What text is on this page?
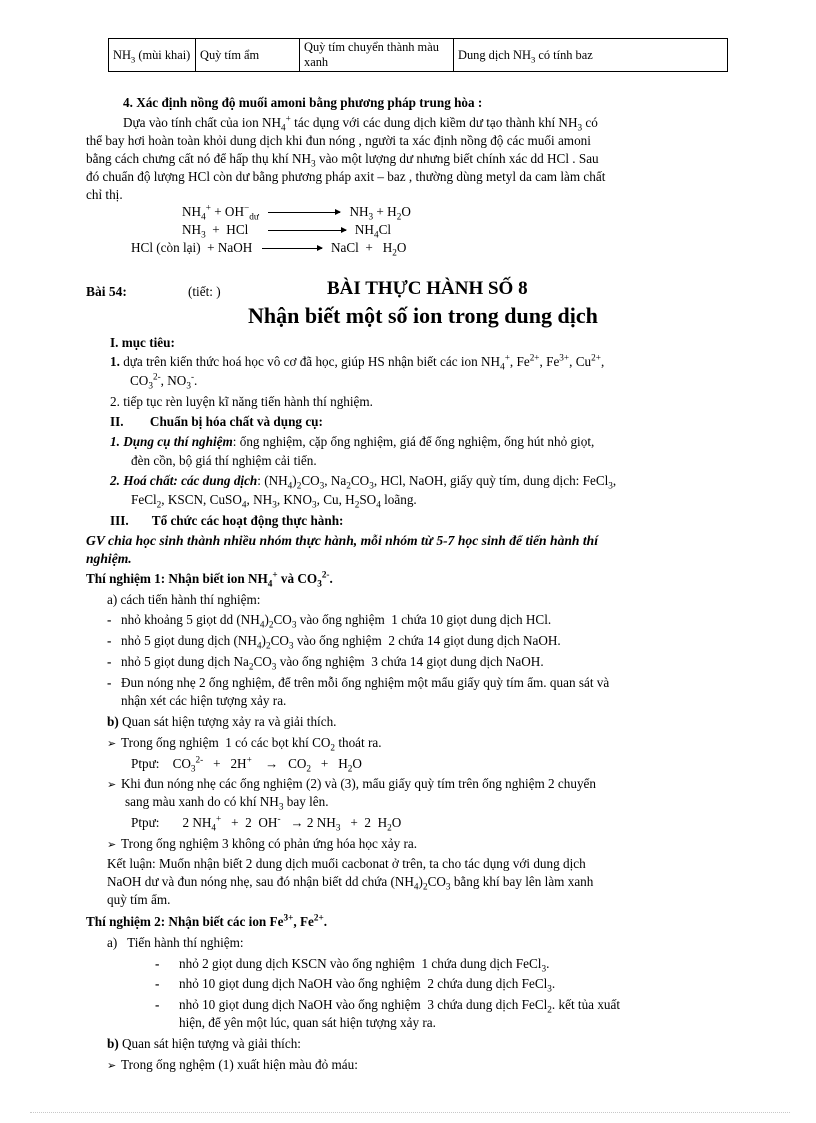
$NH_3$ (mùi khai)	Quỳ tím ẩm	Quỳ tím chuyển thành màu xanh	Dung dịch $NH_3$ có tính baz
4. Xác định nồng độ muối amoni bằng phương pháp trung hòa :
Dựa vào tính chất của ion $NH_4^+$ tác dụng với các dung dịch kiềm dư tạo thành khí $NH_3$ có
thể bay hơi hoàn toàn khỏi dung dịch khi đun nóng , người ta xác định nồng độ các muối amoni
bằng cách chưng cất nó để hấp thụ khí $NH_3$ vào một lượng dư nhưng biết chính xác dd HCl . Sau
đó chuẩn độ lượng HCl còn dư bằng phương pháp axit – baz , thường dùng metyl da cam làm chất
chỉ thị.
$NH_4^+ + OH^-_{dư}$	$NH_3 + H_2O$
$NH_3$  +  HCl	$NH_4Cl$
HCl (còn lại)  + NaOH	NaCl  +   $H_2O$
Bài 54:	(tiết: )	BÀI THỰC HÀNH SỐ 8
Nhận biết một số ion trong dung dịch
I. mục tiêu:
1. dựa trên kiến thức hoá học vô cơ đã học, giúp HS nhận biết các ion $NH_4^+$, $Fe^{2+}$, $Fe^{3+}$, $Cu^{2+}$,
$CO_3^{2-}$, $NO_3^-$.
2. tiếp tục rèn luyện kĩ năng tiến hành thí nghiệm.
II.        Chuẩn bị hóa chất và dụng cụ:
1. Dụng cụ thí nghiệm: ống nghiệm, cặp ống nghiệm, giá để ống nghiệm, ống hút nhỏ giọt,
đèn cồn, bộ giá thí nghiệm cải tiến.
2. Hoá chất: các dung dịch: $(NH_4)_2CO_3$, $Na_2CO_3$, HCl, NaOH, giấy quỳ tím, dung dịch: FeCl$_3$,
FeCl$_2$, KSCN, CuSO$_4$, $NH_3$, $KNO_3$, Cu, $H_2SO_4$ loãng.
III.       Tổ chức các hoạt động thực hành:
GV chia học sinh thành nhiều nhóm thực hành, mỗi nhóm từ 5-7 học sinh để tiến hành thí
nghiệm.
Thí nghiệm 1: Nhận biết ion $NH_4^+$ và $CO_3^{2-}$.
a) cách tiến hành thí nghiệm:
- nhỏ khoảng 5 giọt dd $(NH_4)_2CO_3$ vào ống nghiệm  1 chứa 10 giọt dung dịch HCl.
- nhỏ 5 giọt dung dịch $(NH_4)_2CO_3$ vào ống nghiệm  2 chứa 14 giọt dung dịch NaOH.
- nhỏ 5 giọt dung dịch $Na_2CO_3$ vào ống nghiệm  3 chứa 14 giọt dung dịch NaOH.
- Đun nóng nhẹ 2 ống nghiệm, để trên mỗi ống nghiệm một mẩu giấy quỳ tím ẩm. quan sát và
nhận xét các hiện tượng xảy ra.
b) Quan sát hiện tượng xảy ra và giải thích.
➢ Trong ống nghiệm  1 có các bọt khí $CO_2$ thoát ra.
Ptpư:    $CO_3^{2-} + 2H^+$    →   $CO_2 + H_2O$
➢ Khi đun nóng nhẹ các ống nghiệm (2) và (3), mẩu giấy quỳ tím trên ống nghiệm 2 chuyển
sang màu xanh do có khí $NH_3$ bay lên.
Ptpư:       2 $NH_4^+ + 2$  OH-   → 2 $NH_3 + 2$  $H_2O$
➢ Trong ống nghiệm 3 không có phản ứng hóa học xảy ra.
Kết luận: Muốn nhận biết 2 dung dịch muối cacbonat ở trên, ta cho tác dụng với dung dịch
NaOH dư và đun nóng nhẹ, sau đó nhận biết dd chứa $(NH_4)_2CO_3$ bằng khí bay lên làm xanh
quỳ tím ẩm.
Thí nghiệm 2: Nhận biết các ion $Fe^{3+}$, $Fe^{2+}$.
a)   Tiến hành thí nghiệm:
- nhỏ 2 giọt dung dịch KSCN vào ống nghiệm  1 chứa dung dịch FeCl$_3$.
- nhỏ 10 giọt dung dịch NaOH vào ống nghiệm  2 chứa dung dịch FeCl$_3$.
- nhỏ 10 giọt dung dịch NaOH vào ống nghiệm  3 chứa dung dịch FeCl$_2$. kết tủa xuất
hiện, để yên một lúc, quan sát hiện tượng xảy ra.
b) Quan sát hiện tượng và giải thích:
➢ Trong ống nghệm (1) xuất hiện màu đỏ máu:
